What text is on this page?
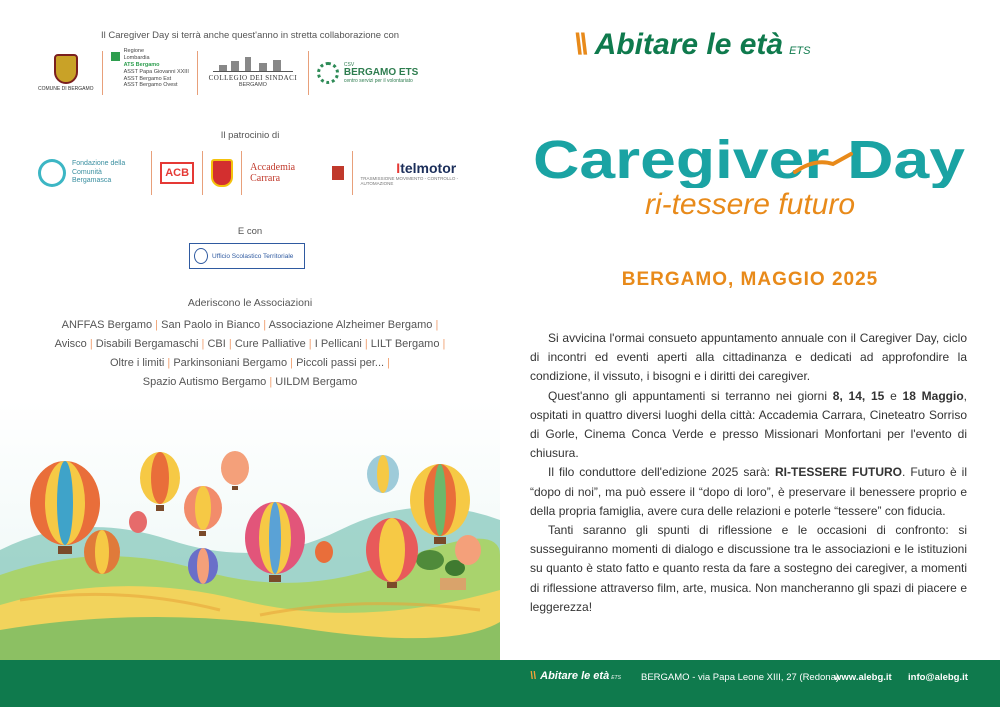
Il Caregiver Day si terrà anche quest'anno in stretta collaborazione con
COMUNE DI BERGAMO
Regione
Lombardia
ATS Bergamo
ASST Papa Giovanni XXIII
ASST Bergamo Est
ASST Bergamo Ovest
COLLEGIO DEI SINDACI
BERGAMO
CSV
BERGAMO ETS
centro servizi per il volontariato
Il patrocinio di
Fondazione della
Comunità Bergamasca
ACB	Accademia Carrara
Itelmotor
TRASMISSIONE MOVIMENTO - CONTROLLO - AUTOMAZIONE
E con
Ufficio Scolastico Territoriale
Aderiscono le Associazioni
ANFFAS Bergamo | San Paolo in Bianco | Associazione Alzheimer Bergamo |
Avisco | Disabili Bergamaschi | CBI | Cure Palliative | I Pellicani | LILT Bergamo |
Oltre i limiti | Parkinsoniani Bergamo | Piccoli passi per... |
Spazio Autismo Bergamo | UILDM Bergamo
\\ Abitare le età ETS
Caregiver Day
ri-tessere futuro
BERGAMO, MAGGIO 2025

Si avvicina l'ormai consueto appuntamento annuale con il Caregiver Day, ciclo di incontri ed eventi aperti alla cittadinanza e dedicati ad approfondire la condizione, il vissuto, i bisogni e i diritti dei caregiver.

Quest'anno gli appuntamenti si terranno nei giorni 8, 14, 15 e 18 Maggio, ospitati in quattro diversi luoghi della città: Accademia Carrara, Cineteatro Sorriso di Gorle, Cinema Conca Verde e presso Missionari Monfortani per l'evento di chiusura.

Il filo conduttore dell'edizione 2025 sarà: RI-TESSERE FUTURO. Futuro è il “dopo di noi”, ma può essere il “dopo di loro”, è preservare il benessere proprio e della propria famiglia, avere cura delle relazioni e poterle “tessere” con fiducia.

Tanti saranno gli spunti di riflessione e le occasioni di confronto: si susseguiranno momenti di dialogo e discussione tra le associazioni e le istituzioni su quanto è stato fatto e quanto resta da fare a sostegno dei caregiver, a momenti di riflessione attraverso film, arte, musica. Non mancheranno gli spazi di piacere e leggerezza!

\\ Abitare le età ETS BERGAMO - via Papa Leone XIII, 27 (Redona)
www.alebg.it info@alebg.it
